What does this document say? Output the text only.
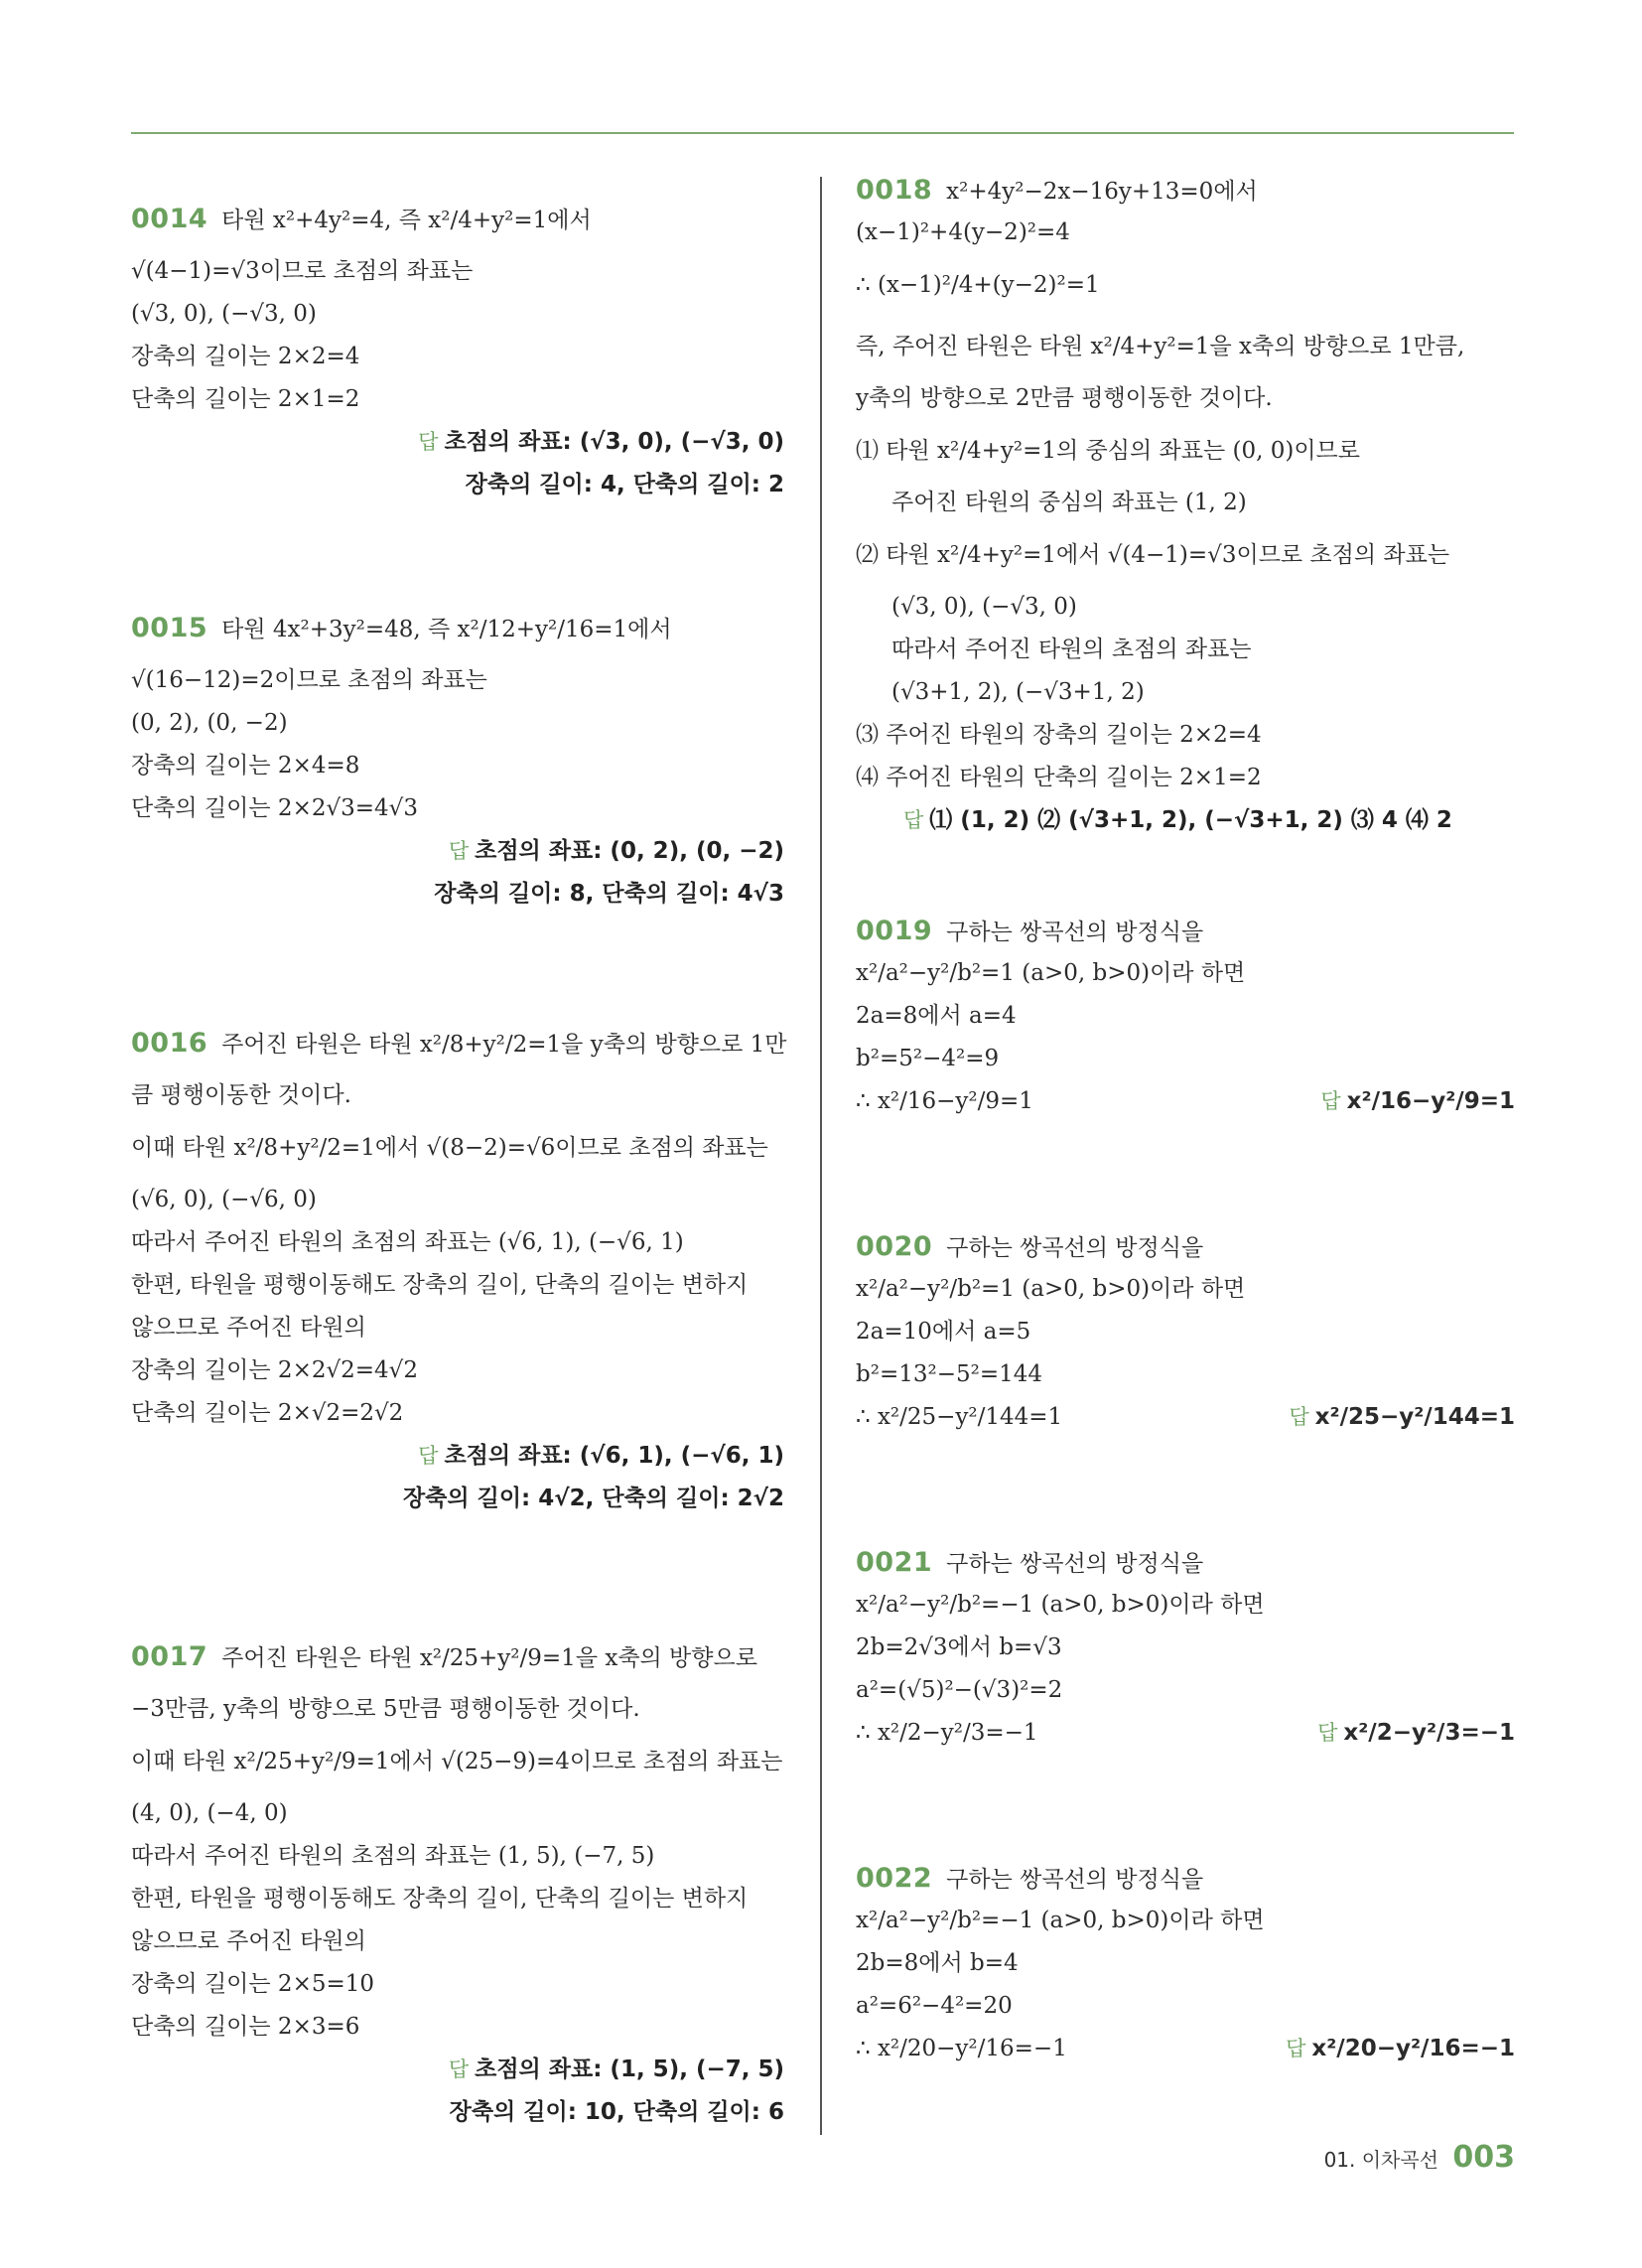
0014 타원 x²+4y²=4, 즉 x²/4+y²=1에서
√(4−1)=√3이므로 초점의 좌표는
(√3, 0), (−√3, 0)
장축의 길이는 2×2=4
단축의 길이는 2×1=2
답 초점의 좌표: (√3, 0), (−√3, 0)
장축의 길이: 4, 단축의 길이: 2
0015 타원 4x²+3y²=48, 즉 x²/12+y²/16=1에서
√(16−12)=2이므로 초점의 좌표는
(0, 2), (0, −2)
장축의 길이는 2×4=8
단축의 길이는 2×2√3=4√3
답 초점의 좌표: (0, 2), (0, −2)
장축의 길이: 8, 단축의 길이: 4√3
0016 주어진 타원은 타원 x²/8+y²/2=1을 y축의 방향으로 1만
큼 평행이동한 것이다.
이때 타원 x²/8+y²/2=1에서 √(8−2)=√6이므로 초점의 좌표는
(√6, 0), (−√6, 0)
따라서 주어진 타원의 초점의 좌표는 (√6, 1), (−√6, 1)
한편, 타원을 평행이동해도 장축의 길이, 단축의 길이는 변하지
않으므로 주어진 타원의
장축의 길이는 2×2√2=4√2
단축의 길이는 2×√2=2√2
답 초점의 좌표: (√6, 1), (−√6, 1)
장축의 길이: 4√2, 단축의 길이: 2√2
0017 주어진 타원은 타원 x²/25+y²/9=1을 x축의 방향으로
−3만큼, y축의 방향으로 5만큼 평행이동한 것이다.
이때 타원 x²/25+y²/9=1에서 √(25−9)=4이므로 초점의 좌표는
(4, 0), (−4, 0)
따라서 주어진 타원의 초점의 좌표는 (1, 5), (−7, 5)
한편, 타원을 평행이동해도 장축의 길이, 단축의 길이는 변하지
않으므로 주어진 타원의
장축의 길이는 2×5=10
단축의 길이는 2×3=6
답 초점의 좌표: (1, 5), (−7, 5)
장축의 길이: 10, 단축의 길이: 6
0018 x²+4y²−2x−16y+13=0에서
(x−1)²+4(y−2)²=4
∴ (x−1)²/4+(y−2)²=1
즉, 주어진 타원은 타원 x²/4+y²=1을 x축의 방향으로 1만큼,
y축의 방향으로 2만큼 평행이동한 것이다.
⑴ 타원 x²/4+y²=1의 중심의 좌표는 (0, 0)이므로
주어진 타원의 중심의 좌표는 (1, 2)
⑵ 타원 x²/4+y²=1에서 √(4−1)=√3이므로 초점의 좌표는
(√3, 0), (−√3, 0)
따라서 주어진 타원의 초점의 좌표는
(√3+1, 2), (−√3+1, 2)
⑶ 주어진 타원의 장축의 길이는 2×2=4
⑷ 주어진 타원의 단축의 길이는 2×1=2
답 ⑴ (1, 2) ⑵ (√3+1, 2), (−√3+1, 2) ⑶ 4 ⑷ 2
0019 구하는 쌍곡선의 방정식을
x²/a²−y²/b²=1 (a>0, b>0)이라 하면
2a=8에서 a=4
b²=5²−4²=9
∴ x²/16−y²/9=1	답 x²/16−y²/9=1
0020 구하는 쌍곡선의 방정식을
x²/a²−y²/b²=1 (a>0, b>0)이라 하면
2a=10에서 a=5
b²=13²−5²=144
∴ x²/25−y²/144=1	답 x²/25−y²/144=1
0021 구하는 쌍곡선의 방정식을
x²/a²−y²/b²=−1 (a>0, b>0)이라 하면
2b=2√3에서 b=√3
a²=(√5)²−(√3)²=2
∴ x²/2−y²/3=−1	답 x²/2−y²/3=−1
0022 구하는 쌍곡선의 방정식을
x²/a²−y²/b²=−1 (a>0, b>0)이라 하면
2b=8에서 b=4
a²=6²−4²=20
∴ x²/20−y²/16=−1	답 x²/20−y²/16=−1
01. 이차곡선 003
